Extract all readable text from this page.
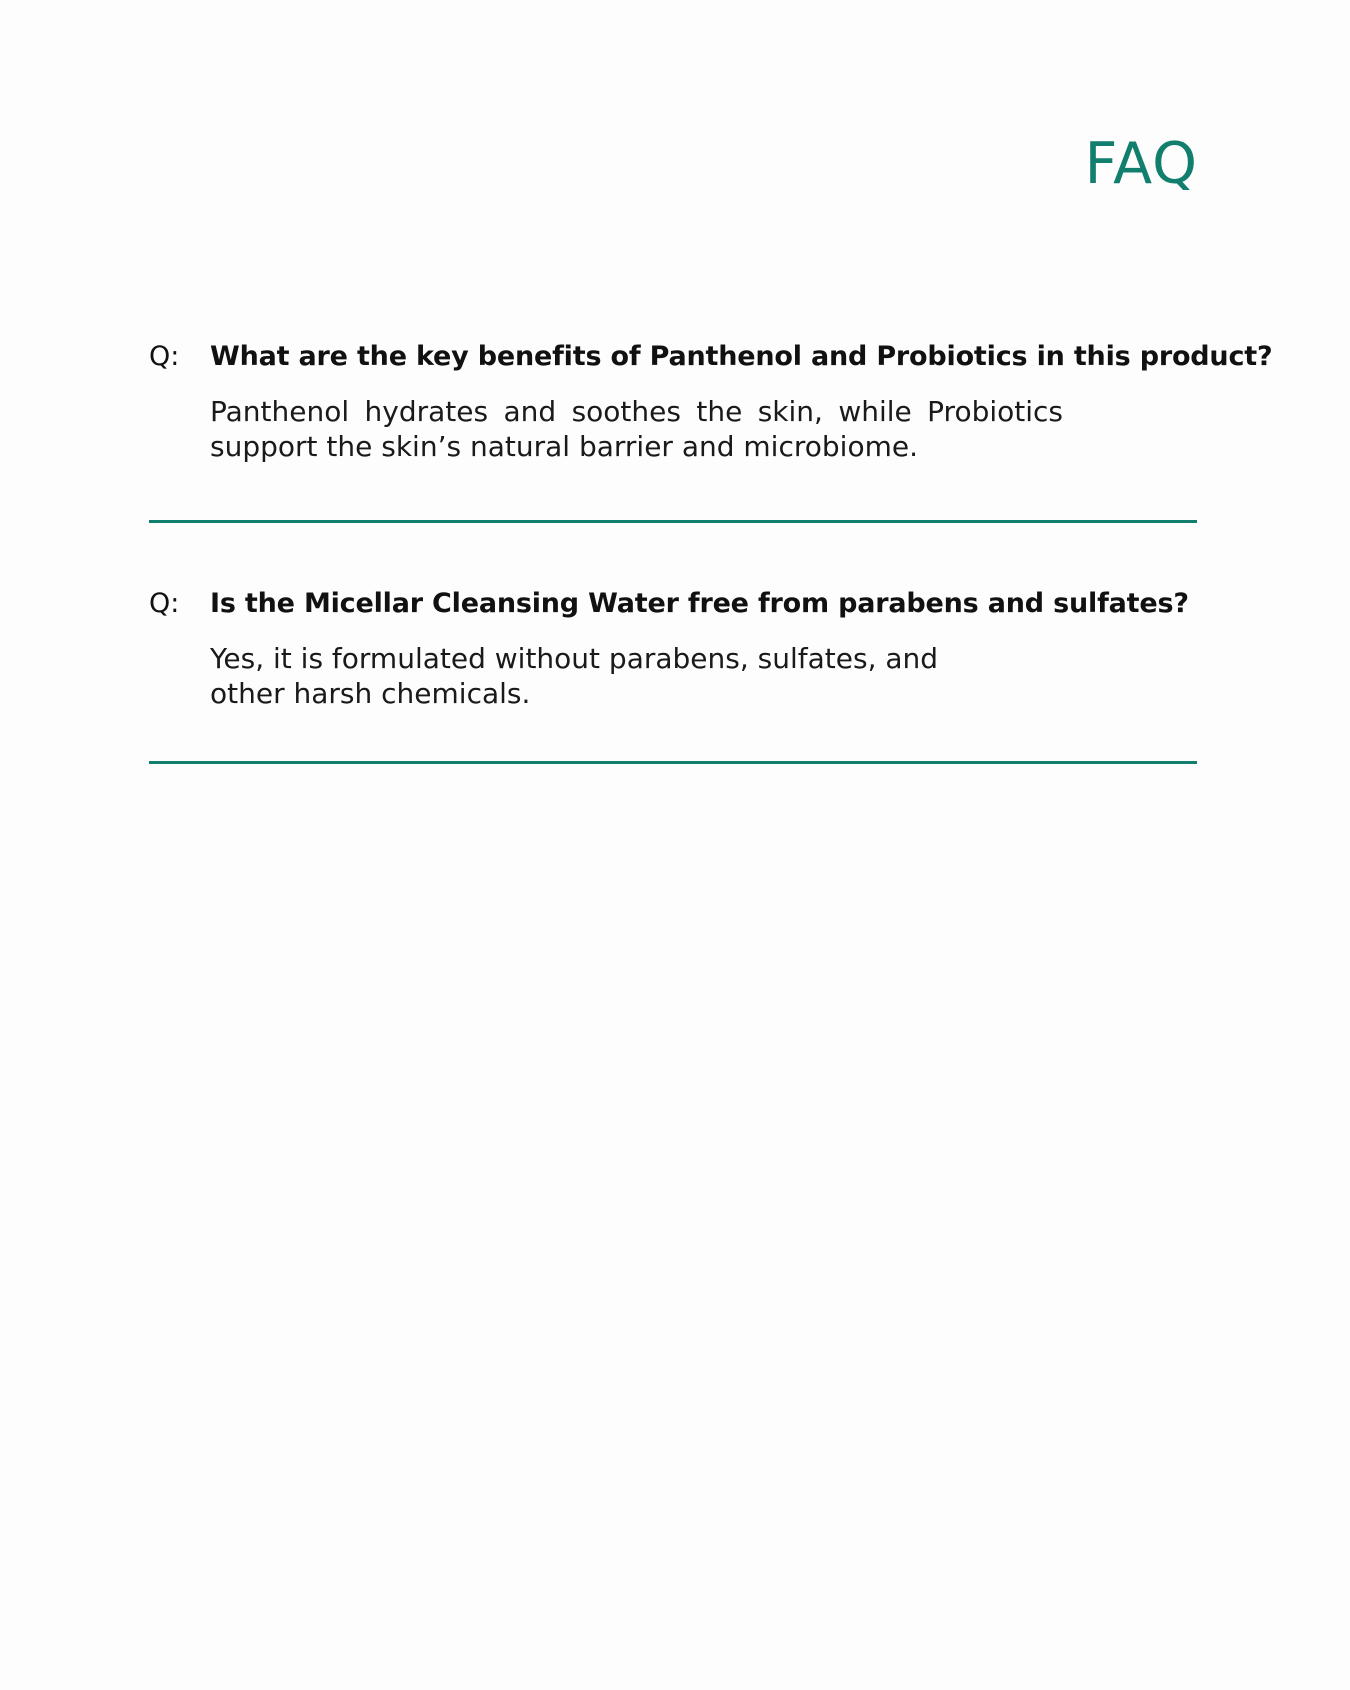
FAQ
Q: What are the key benefits of Panthenol and Probiotics in this product?

Panthenol hydrates and soothes the skin, while Probiotics support the skin’s natural barrier and microbiome.

Q: Is the Micellar Cleansing Water free from parabens and sulfates?

Yes, it is formulated without parabens, sulfates, and other harsh chemicals.
